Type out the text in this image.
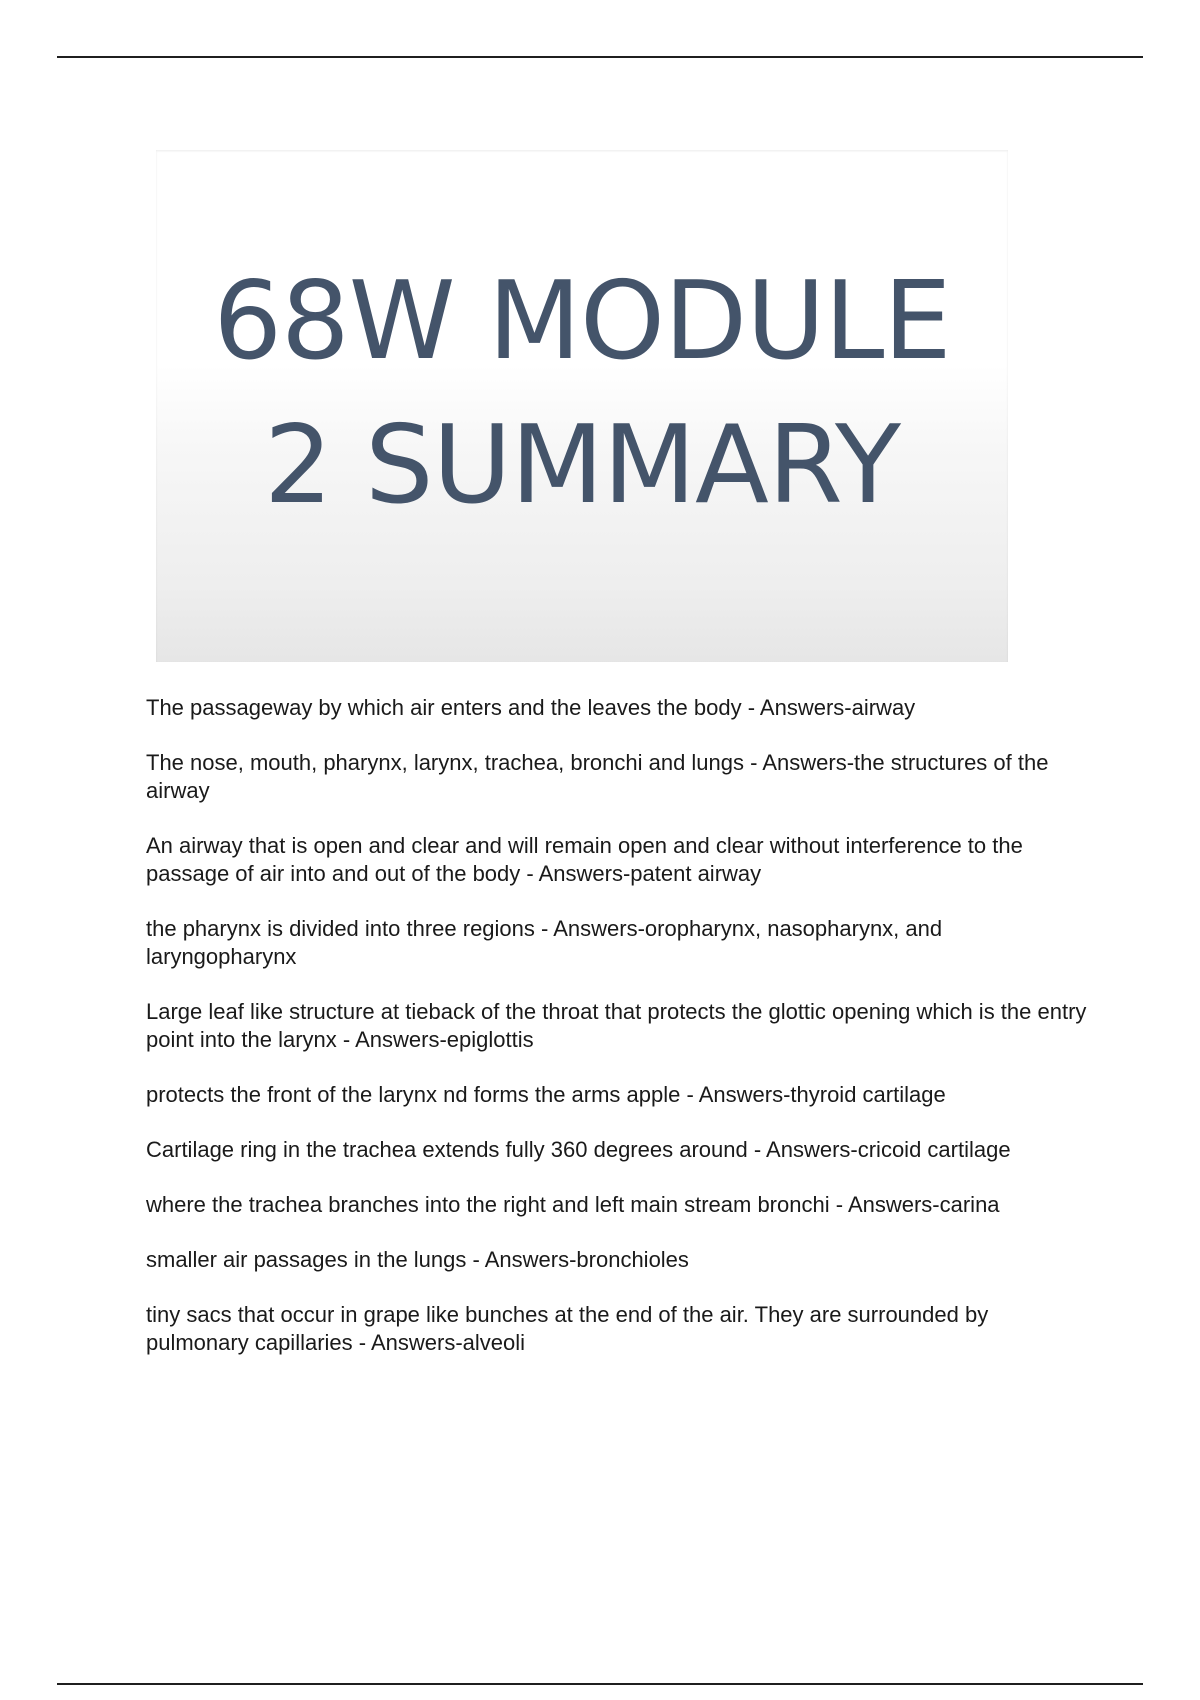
68W MODULE
2 SUMMARY
The passageway by which air enters and the leaves the body - Answers-airway
The nose, mouth, pharynx, larynx, trachea, bronchi and lungs - Answers-the structures of the airway
An airway that is open and clear and will remain open and clear without interference to the passage of air into and out of the body - Answers-patent airway
the pharynx is divided into three regions - Answers-oropharynx, nasopharynx, and laryngopharynx
Large leaf like structure at tieback of the throat that protects the glottic opening which is the entry point into the larynx - Answers-epiglottis
protects the front of the larynx nd forms the arms apple - Answers-thyroid cartilage
Cartilage ring in the trachea extends fully 360 degrees around - Answers-cricoid cartilage
where the trachea branches into the right and left main stream bronchi - Answers-carina
smaller air passages in the lungs - Answers-bronchioles
tiny sacs that occur in grape like bunches at the end of the air. They are surrounded by pulmonary capillaries - Answers-alveoli
